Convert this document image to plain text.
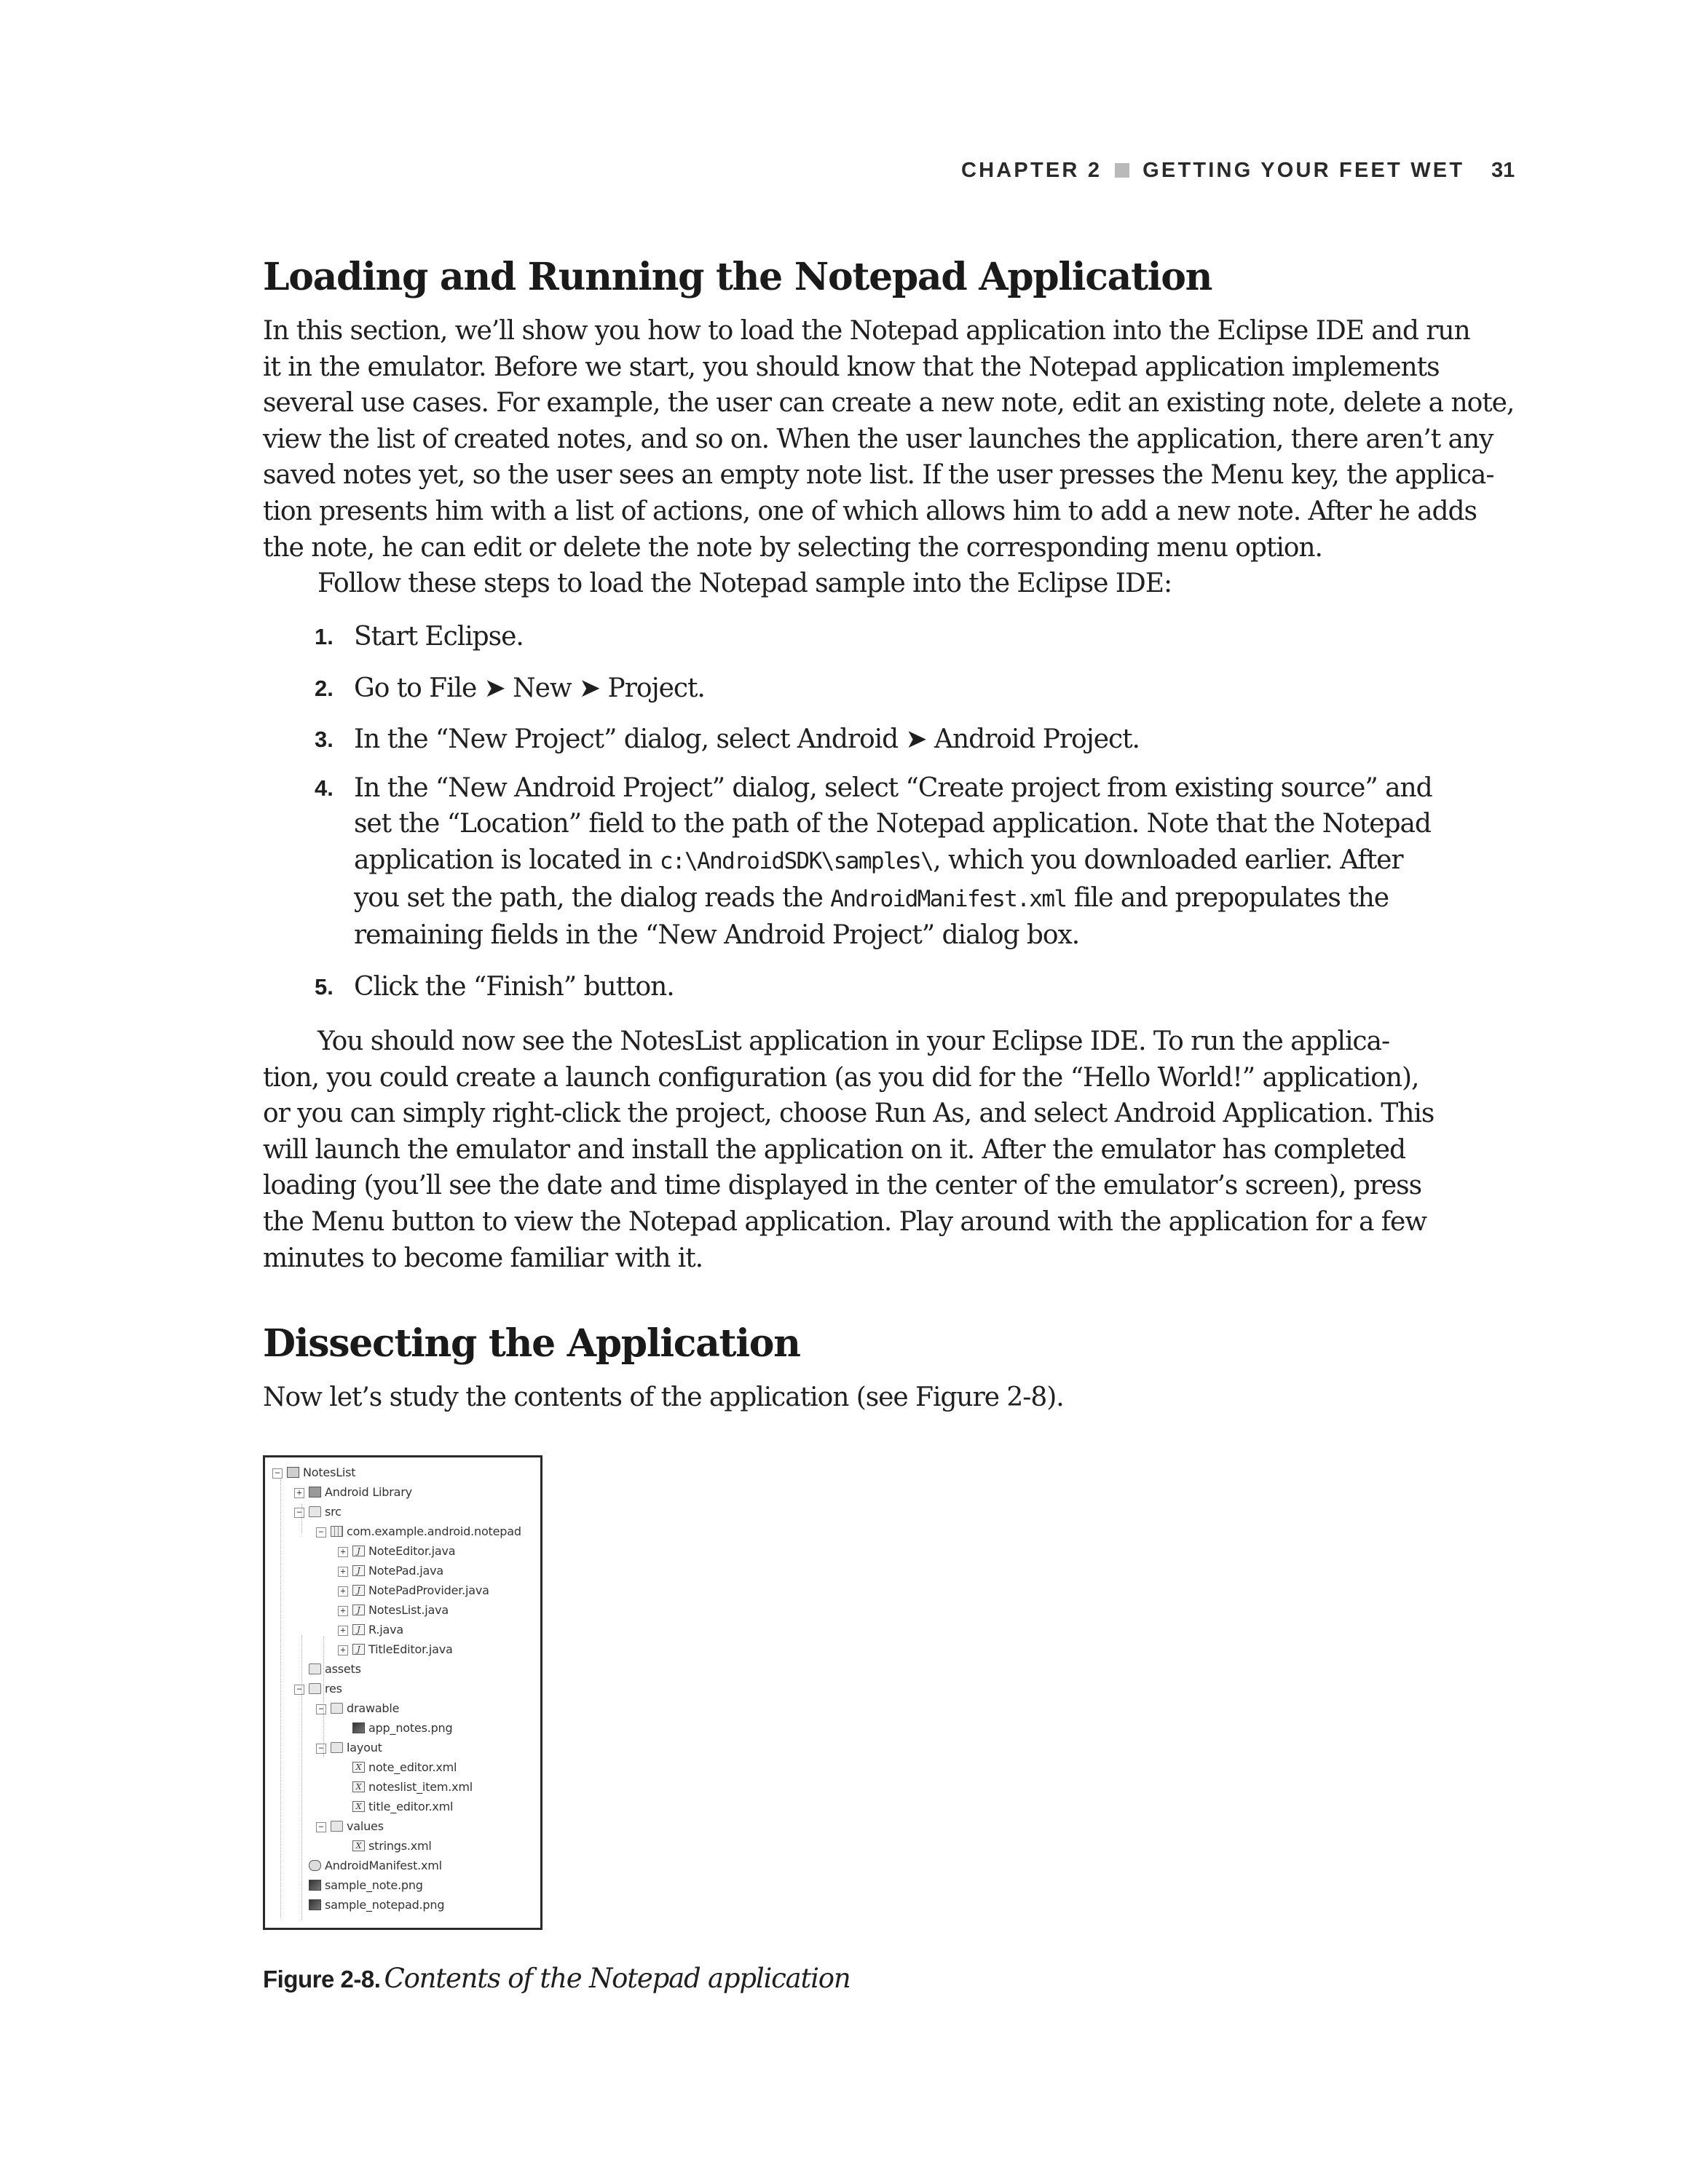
CHAPTER 2 GETTING YOUR FEET WET 31
Loading and Running the Notepad Application
In this section, we’ll show you how to load the Notepad application into the Eclipse IDE and run
it in the emulator. Before we start, you should know that the Notepad application implements
several use cases. For example, the user can create a new note, edit an existing note, delete a note,
view the list of created notes, and so on. When the user launches the application, there aren’t any
saved notes yet, so the user sees an empty note list. If the user presses the Menu key, the applica-
tion presents him with a list of actions, one of which allows him to add a new note. After he adds
the note, he can edit or delete the note by selecting the corresponding menu option.
Follow these steps to load the Notepad sample into the Eclipse IDE:
1. Start Eclipse.
2. Go to File ➤ New ➤ Project.
3. In the “New Project” dialog, select Android ➤ Android Project.
4. In the “New Android Project” dialog, select “Create project from existing source” and
set the “Location” field to the path of the Notepad application. Note that the Notepad
application is located in c:\AndroidSDK\samples\, which you downloaded earlier. After
you set the path, the dialog reads the AndroidManifest.xml file and prepopulates the
remaining fields in the “New Android Project” dialog box.
5. Click the “Finish” button.
You should now see the NotesList application in your Eclipse IDE. To run the applica-
tion, you could create a launch configuration (as you did for the “Hello World!” application),
or you can simply right-click the project, choose Run As, and select Android Application. This
will launch the emulator and install the application on it. After the emulator has completed
loading (you’ll see the date and time displayed in the center of the emulator’s screen), press
the Menu button to view the Notepad application. Play around with the application for a few
minutes to become familiar with it.
Dissecting the Application
Now let’s study the contents of the application (see Figure 2-8).
− NotesList
+ Android Library
− src
− com.example.android.notepad
+	J NoteEditor.java
+	J NotePad.java
+	J NotePadProvider.java
+	J NotesList.java
+	J R.java
+	J TitleEditor.java
assets
− res
− drawable
app_notes.png
− layout
X note_editor.xml
X noteslist_item.xml
X title_editor.xml
− values
X strings.xml
AndroidManifest.xml
sample_note.png
sample_notepad.png
Figure 2-8. Contents of the Notepad application
